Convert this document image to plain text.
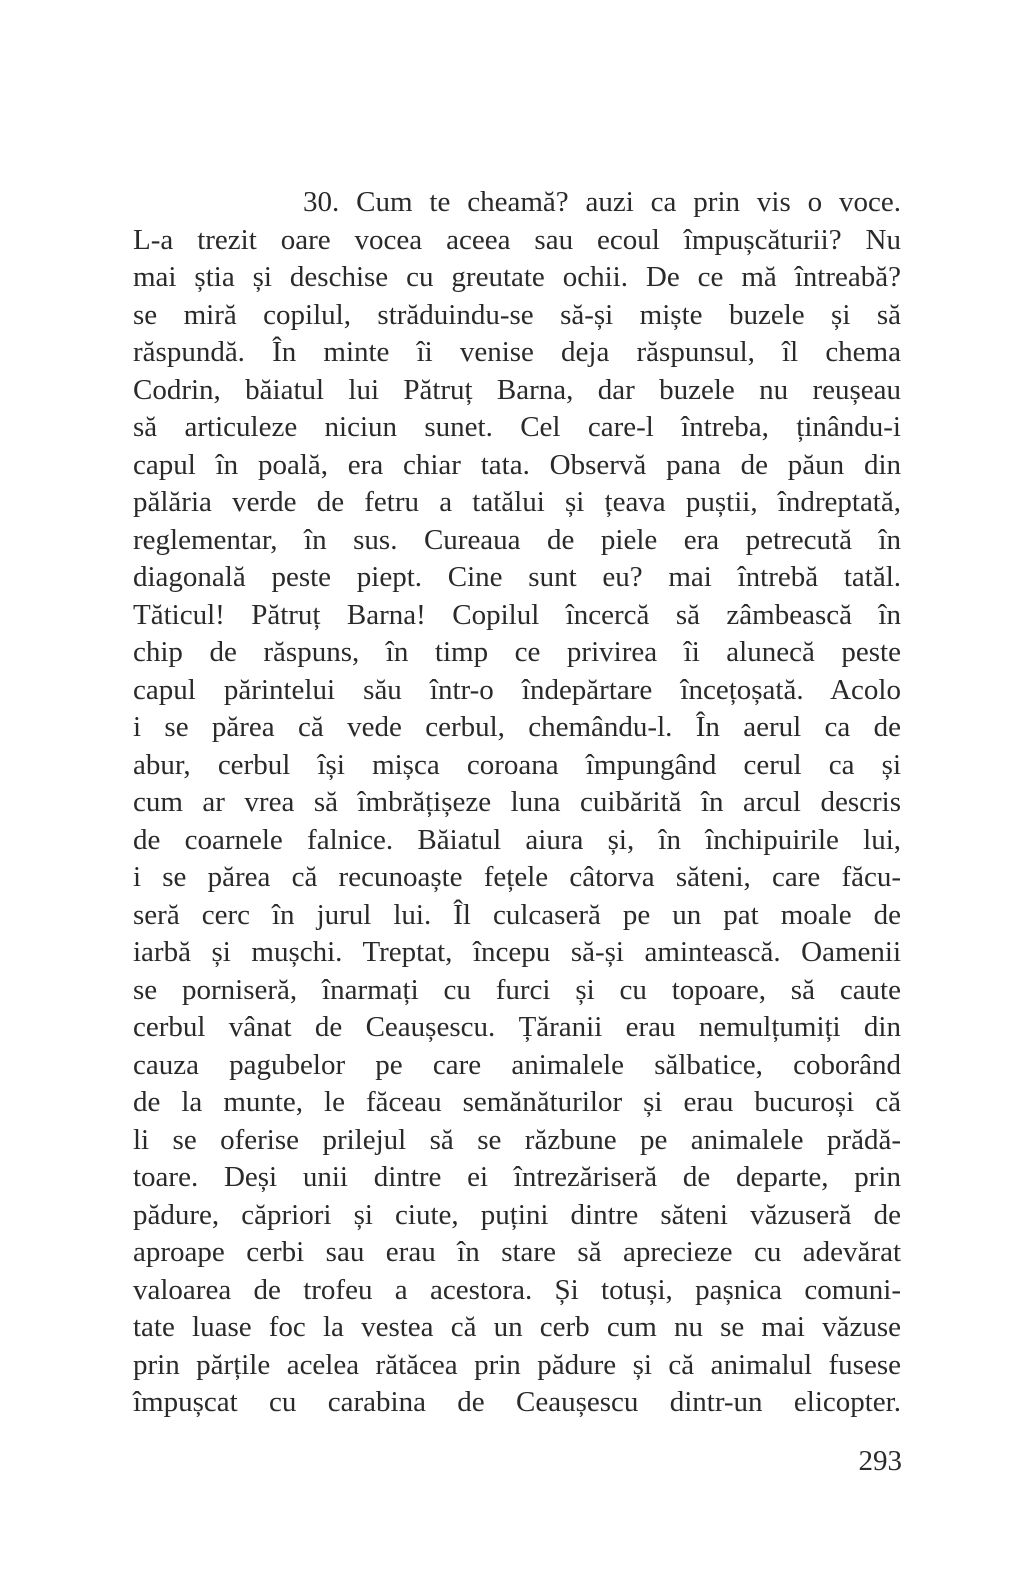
30. Cum te cheamă? auzi ca prin vis o voce.
L-a trezit oare vocea aceea sau ecoul împușcăturii? Nu
mai știa și deschise cu greutate ochii. De ce mă întreabă?
se miră copilul, străduindu-se să-și miște buzele și să
răspundă. În minte îi venise deja răspunsul, îl chema
Codrin, băiatul lui Pătruț Barna, dar buzele nu reușeau
să articuleze niciun sunet. Cel care-l întreba, ținându-i
capul în poală, era chiar tata. Observă pana de păun din
pălăria verde de fetru a tatălui și țeava puștii, îndreptată,
reglementar, în sus. Cureaua de piele era petrecută în
diagonală peste piept. Cine sunt eu? mai întrebă tatăl.
Tăticul! Pătruț Barna! Copilul încercă să zâmbească în
chip de răspuns, în timp ce privirea îi alunecă peste
capul părintelui său într-o îndepărtare încețoșată. Acolo
i se părea că vede cerbul, chemându-l. În aerul ca de
abur, cerbul își mișca coroana împungând cerul ca și
cum ar vrea să îmbrățișeze luna cuibărită în arcul descris
de coarnele falnice. Băiatul aiura și, în închipuirile lui,
i se părea că recunoaște fețele câtorva săteni, care făcu-
seră cerc în jurul lui. Îl culcaseră pe un pat moale de
iarbă și mușchi. Treptat, începu să-și amintească. Oamenii
se porniseră, înarmați cu furci și cu topoare, să caute
cerbul vânat de Ceaușescu. Țăranii erau nemulțumiți din
cauza pagubelor pe care animalele sălbatice, coborând
de la munte, le făceau semănăturilor și erau bucuroși că
li se oferise prilejul să se răzbune pe animalele prădă-
toare. Deși unii dintre ei întrezăriseră de departe, prin
pădure, căpriori și ciute, puțini dintre săteni văzuseră de
aproape cerbi sau erau în stare să aprecieze cu adevărat
valoarea de trofeu a acestora. Și totuși, pașnica comuni-
tate luase foc la vestea că un cerb cum nu se mai văzuse
prin părțile acelea rătăcea prin pădure și că animalul fusese
împușcat cu carabina de Ceaușescu dintr-un elicopter.

293
